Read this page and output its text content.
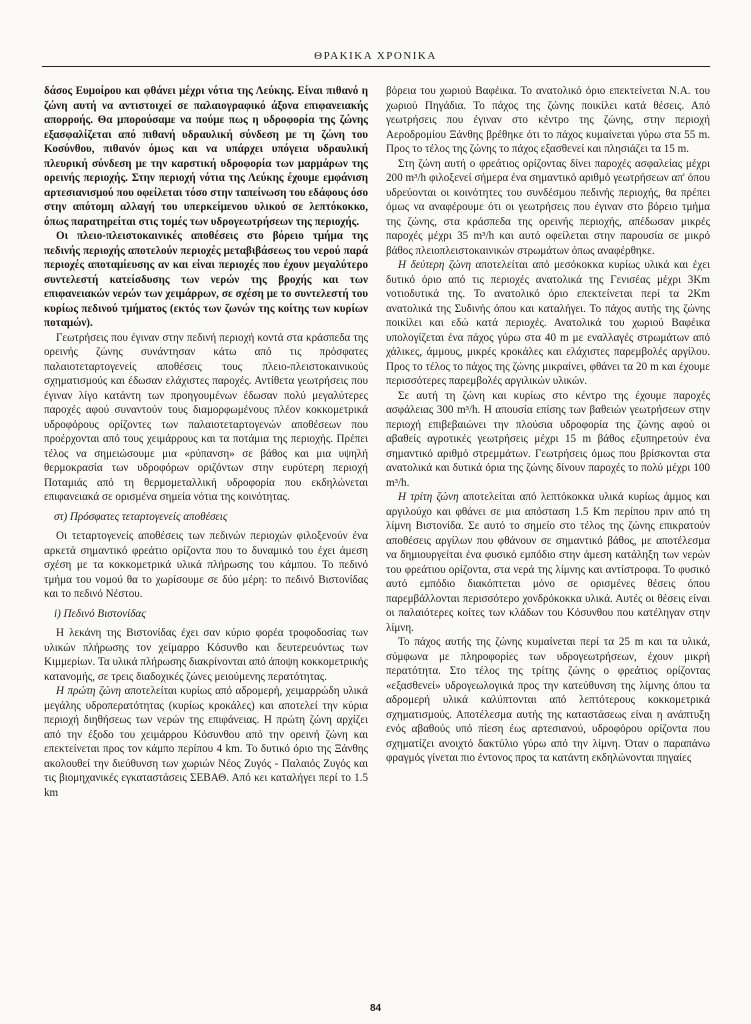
ΘΡΑΚΙΚΑ ΧΡΟΝΙΚΑ

δάσος Ευμοίρου και φθάνει μέχρι νότια της Λεύκης. Είναι πιθανό η ζώνη αυτή να αντιστοιχεί σε παλαιογραφικό άξονα επιφανειακής απορροής. Θα μπορούσαμε να πούμε πως η υδροφορία της ζώνης εξασφαλίζεται από πιθανή υδραυλική σύνδεση με τη ζώνη του Κοσύνθου, πιθανόν όμως και να υπάρχει υπόγεια υδραυλική πλευρική σύνδεση με την καρστική υδροφορία των μαρμάρων της ορεινής περιοχής. Στην περιοχή νότια της Λεύκης έχουμε εμφάνιση αρτεσιανισμού που οφείλεται τόσο στην ταπείνωση του εδάφους όσο στην απότομη αλλαγή του υπερκείμενου υλικού σε λεπτόκοκκο, όπως παρατηρείται στις τομές των υδρογεωτρήσεων της περιοχής.

Οι πλειο-πλειστοκαινικές αποθέσεις στο βόρειο τμήμα της πεδινής περιοχής αποτελούν περιοχές μεταβιβάσεως του νερού παρά περιοχές αποταμίευσης αν και είναι περιοχές που έχουν μεγαλύτερο συντελεστή κατείσδυσης των νερών της βροχής και των επιφανειακών νερών των χειμάρρων, σε σχέση με το συντελεστή του κυρίως πεδινού τμήματος (εκτός των ζωνών της κοίτης των κυρίων ποταμών).

Γεωτρήσεις που έγιναν στην πεδινή περιοχή κοντά στα κράσπεδα της ορεινής ζώνης συνάντησαν κάτω από τις πρόσφατες παλαιοτεταρτογενείς αποθέσεις τους πλειο-πλειστοκαινικούς σχηματισμούς και έδωσαν ελάχιστες παροχές. Αντίθετα γεωτρήσεις που έγιναν λίγο κατάντη των προηγουμένων έδωσαν πολύ μεγαλύτερες παροχές αφού συναντούν τους διαμορφωμένους πλέον κοκκομετρικά υδροφόρους ορίζοντες των παλαιοτεταρτογενών αποθέσεων που προέρχονται από τους χειμάρρους και τα ποτάμια της περιοχής. Πρέπει τέλος να σημειώσουμε μια «ρύπανση» σε βάθος και μια υψηλή θερμοκρασία των υδροφόρων οριζόντων στην ευρύτερη περιοχή Ποταμιάς από τη θερμομεταλλική υδροφορία που εκδηλώνεται επιφανειακά σε ορισμένα σημεία νότια της κοινότητας.

στ) Πρόσφατες τεταρτογενείς αποθέσεις

Οι τεταρτογενείς αποθέσεις των πεδινών περιοχών φιλοξενούν ένα αρκετά σημαντικό φρεάτιο ορίζοντα που το δυναμικό του έχει άμεση σχέση με τα κοκκομετρικά υλικά πλήρωσης του κάμπου. Το πεδινό τμήμα του νομού θα το χωρίσουμε σε δύο μέρη: το πεδινό Βιστονίδας και το πεδινό Νέστου.

i) Πεδινό Βιστονίδας

Η λεκάνη της Βιστονίδας έχει σαν κύριο φορέα τροφοδοσίας των υλικών πλήρωσης τον χείμαρρο Κόσυνθο και δευτερευόντως των Κιμμερίων. Τα υλικά πλήρωσης διακρίνονται από άποψη κοκκομετρικής κατανομής, σε τρεις διαδοχικές ζώνες μειούμενης περατότητας.

Η πρώτη ζώνη αποτελείται κυρίως από αδρομερή, χειμαρρώδη υλικά μεγάλης υδροπερατότητας (κυρίως κροκάλες) και αποτελεί την κύρια περιοχή διηθήσεως των νερών της επιφάνειας. Η πρώτη ζώνη αρχίζει από την έξοδο του χειμάρρου Κόσυνθου από την ορεινή ζώνη και επεκτείνεται προς τον κάμπο περίπου 4 km. Το δυτικό όριο της Ξάνθης ακολουθεί την διεύθυνση των χωριών Νέος Ζυγός - Παλαιός Ζυγός και τις βιομηχανικές εγκαταστάσεις ΣΕΒΑΘ. Από κει καταλήγει περί το 1.5 km

βόρεια του χωριού Βαφέικα. Το ανατολικό όριο επεκτείνεται Ν.Α. του χωριού Πηγάδια. Το πάχος της ζώνης ποικίλει κατά θέσεις. Από γεωτρήσεις που έγιναν στο κέντρο της ζώνης, στην περιοχή Αεροδρομίου Ξάνθης βρέθηκε ότι το πάχος κυμαίνεται γύρω στα 55 m. Προς το τέλος της ζώνης το πάχος εξασθενεί και πλησιάζει τα 15 m.

Στη ζώνη αυτή ο φρεάτιος ορίζοντας δίνει παροχές ασφαλείας μέχρι 200 m³/h φιλοξενεί σήμερα ένα σημαντικό αριθμό γεωτρήσεων απ' όπου υδρεύονται οι κοινότητες του συνδέσμου πεδινής περιοχής, θα πρέπει όμως να αναφέρουμε ότι οι γεωτρήσεις που έγιναν στο βόρειο τμήμα της ζώνης, στα κράσπεδα της ορεινής περιοχής, απέδωσαν μικρές παροχές μέχρι 35 m³/h και αυτό οφείλεται στην παρουσία σε μικρό βάθος πλειοπλειστοκαινικών στρωμάτων όπως αναφέρθηκε.

Η δεύτερη ζώνη αποτελείται από μεσόκοκκα κυρίως υλικά και έχει δυτικό όριο από τις περιοχές ανατολικά της Γενισέας μέχρι 3Km νοτιοδυτικά της. Το ανατολικό όριο επεκτείνεται περί τα 2Km ανατολικά της Συδινής όπου και καταλήγει. Το πάχος αυτής της ζώνης ποικίλει και εδώ κατά περιοχές. Ανατολικά του χωριού Βαφέικα υπολογίζεται ένα πάχος γύρω στα 40 m με εναλλαγές στρωμάτων από χάλικες, άμμους, μικρές κροκάλες και ελάχιστες παρεμβολές αργίλου. Προς το τέλος το πάχος της ζώνης μικραίνει, φθάνει τα 20 m και έχουμε περισσότερες παρεμβολές αργιλικών υλικών.

Σε αυτή τη ζώνη και κυρίως στο κέντρο της έχουμε παροχές ασφάλειας 300 m³/h. Η απουσία επίσης των βαθειών γεωτρήσεων στην περιοχή επιβεβαιώνει την πλούσια υδροφορία της ζώνης αφού οι αβαθείς αγροτικές γεωτρήσεις μέχρι 15 m βάθος εξυπηρετούν ένα σημαντικό αριθμό στρεμμάτων. Γεωτρήσεις όμως που βρίσκονται στα ανατολικά και δυτικά όρια της ζώνης δίνουν παροχές το πολύ μέχρι 100 m³/h.

Η τρίτη ζώνη αποτελείται από λεπτόκοκκα υλικά κυρίως άμμος και αργιλούχο και φθάνει σε μια απόσταση 1.5 Km περίπου πριν από τη λίμνη Βιστονίδα. Σε αυτό το σημείο στο τέλος της ζώνης επικρατούν αποθέσεις αργίλων που φθάνουν σε σημαντικό βάθος, με αποτέλεσμα να δημιουργείται ένα φυσικό εμπόδιο στην άμεση κατάληξη των νερών του φρεάτιου ορίζοντα, στα νερά της λίμνης και αντίστροφα. Το φυσικό αυτό εμπόδιο διακόπτεται μόνο σε ορισμένες θέσεις όπου παρεμβάλλονται περισσότερο χονδρόκοκκα υλικά. Αυτές οι θέσεις είναι οι παλαιότερες κοίτες των κλάδων του Κόσυνθου που κατέληγαν στην λίμνη.

Το πάχος αυτής της ζώνης κυμαίνεται περί τα 25 m και τα υλικά, σύμφωνα με πληροφορίες των υδρογεωτρήσεων, έχουν μικρή περατότητα. Στο τέλος της τρίτης ζώνης ο φρεάτιος ορίζοντας «εξασθενεί» υδρογεωλογικά προς την κατεύθυνση της λίμνης όπου τα αδρομερή υλικά καλύπτονται από λεπτότερους κοκκομετρικά σχηματισμούς. Αποτέλεσμα αυτής της καταστάσεως είναι η ανάπτυξη ενός αβαθούς υπό πίεση έως αρτεσιανού, υδροφόρου ορίζοντα που σχηματίζει ανοιχτό δακτύλιο γύρω από την λίμνη. Όταν ο παραπάνω φραγμός γίνεται πιο έντονος προς τα κατάντη εκδηλώνονται πηγαίες

84
